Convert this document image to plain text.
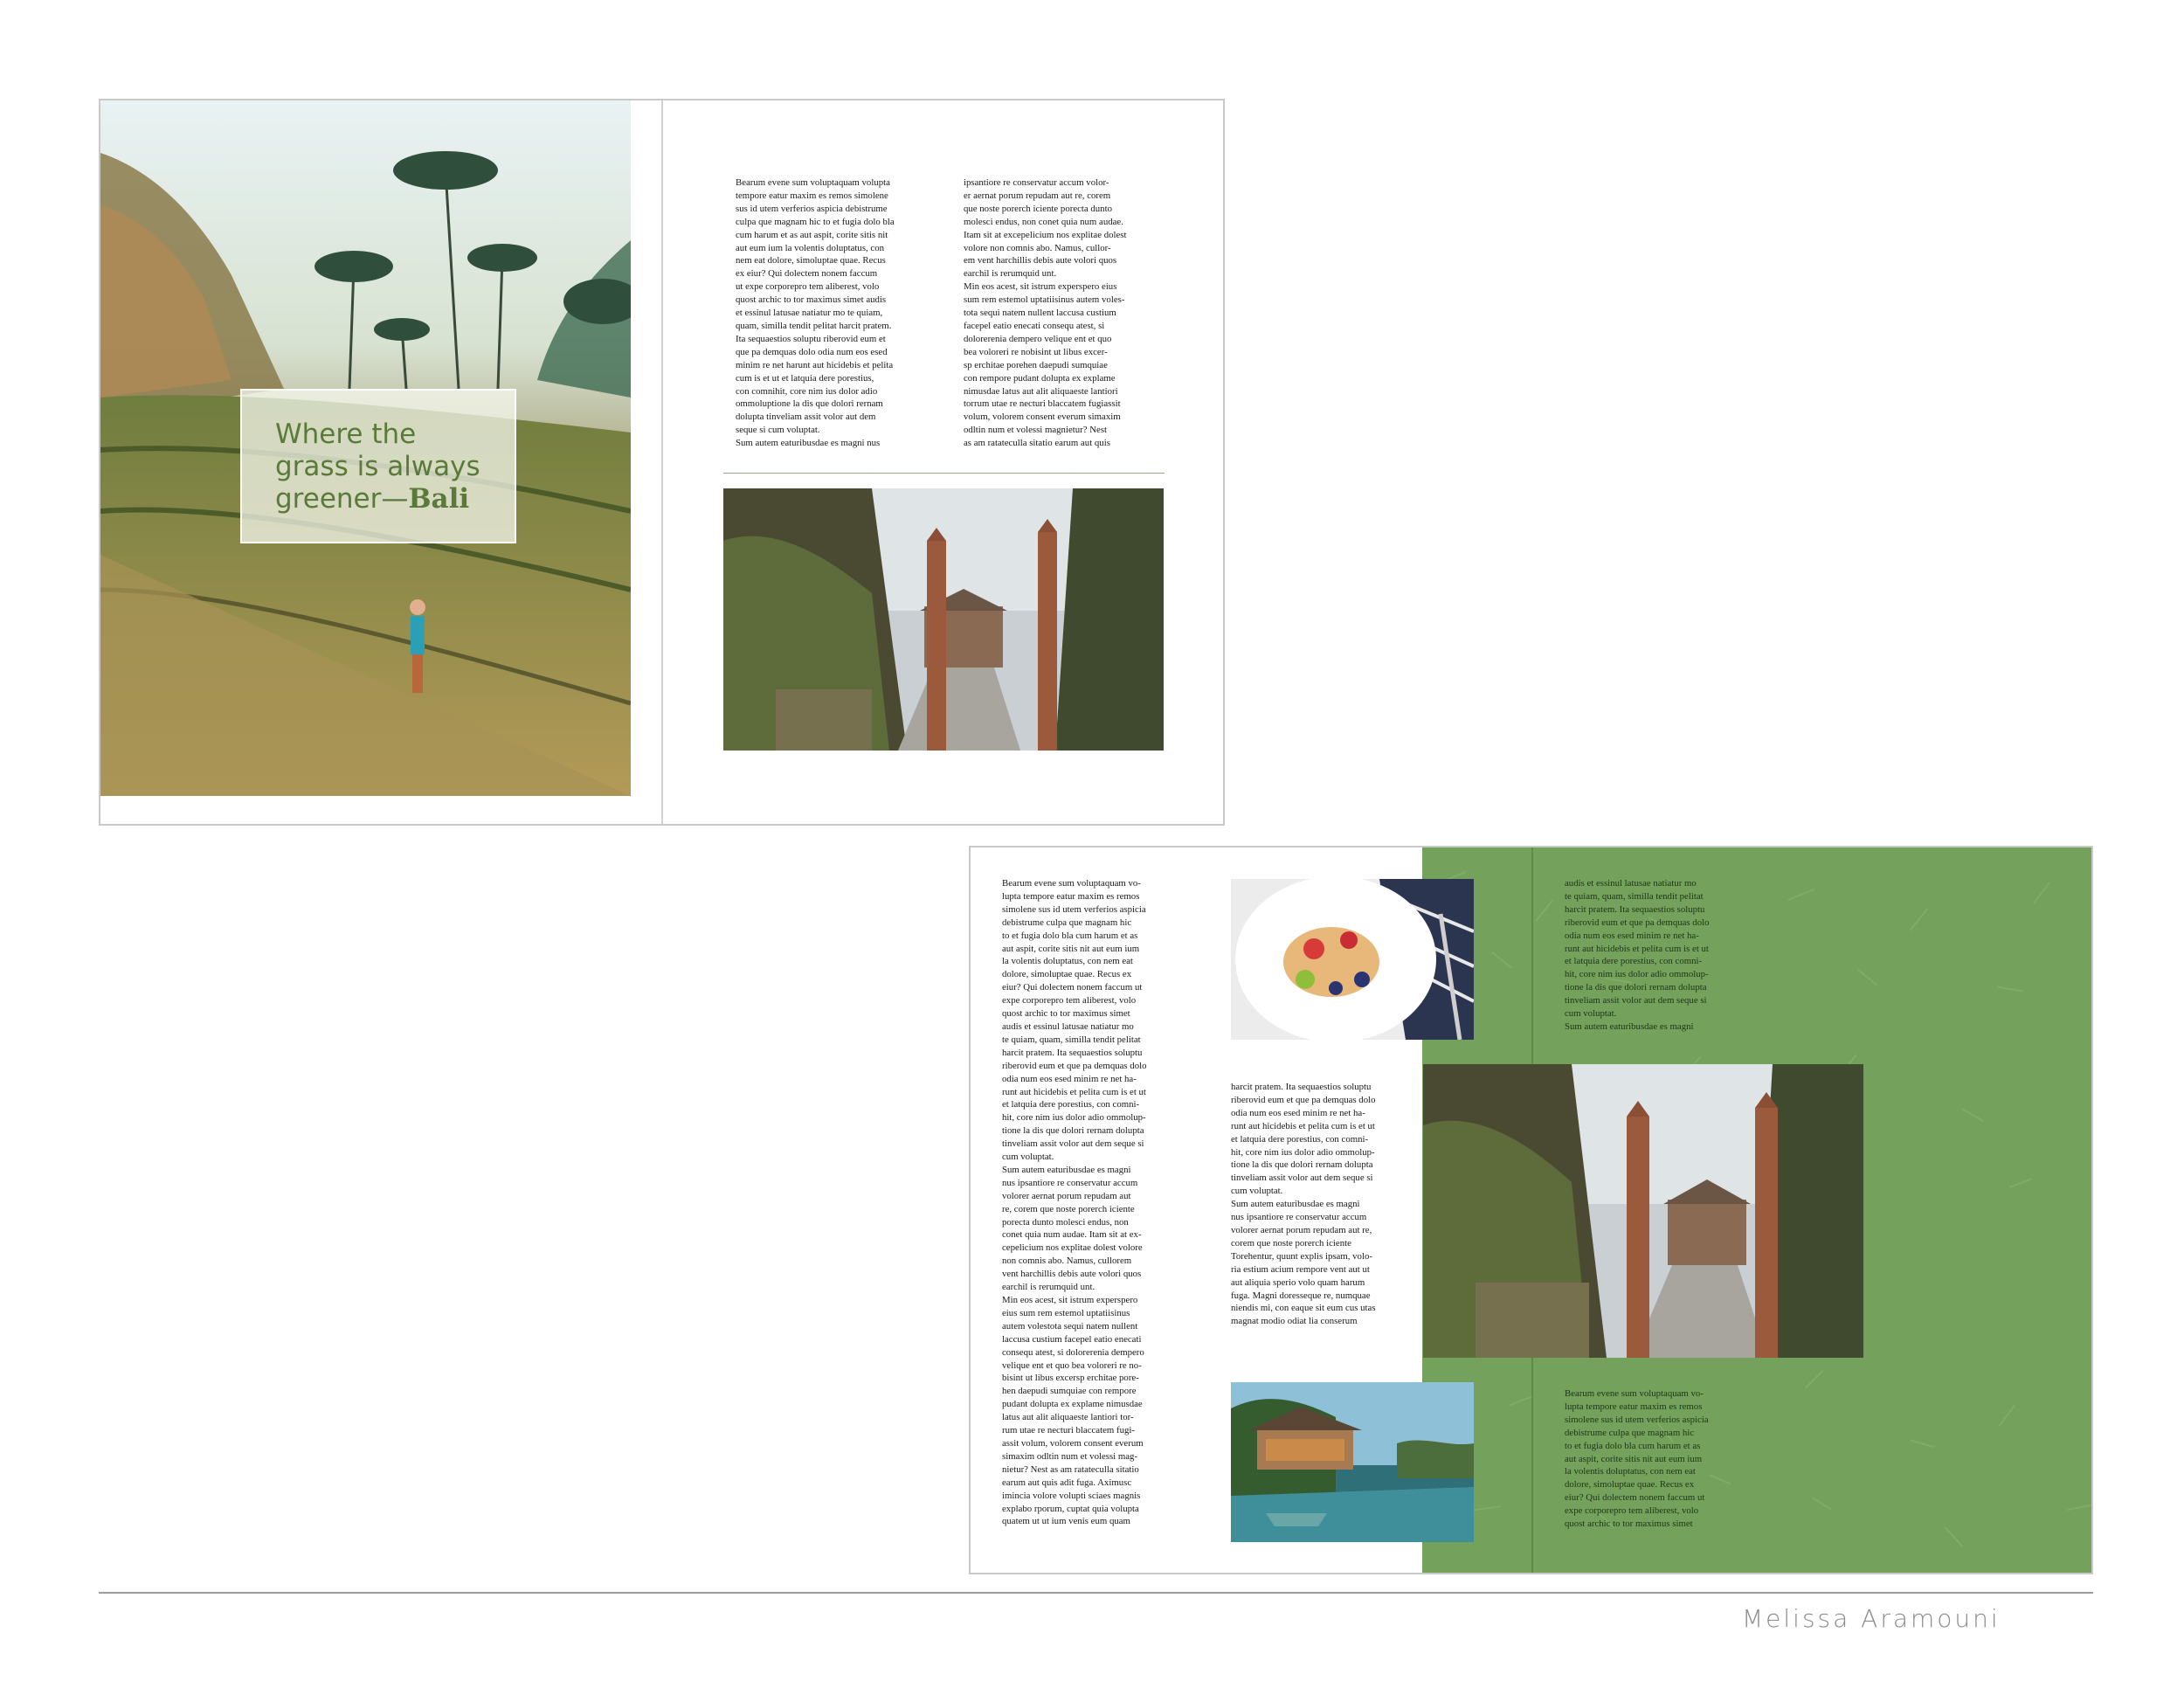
Where the
grass is always
greener—Bali
Bearum evene sum voluptaquam volupta
tempore eatur maxim es remos simolene
sus id utem verferios aspicia debistrume
culpa que magnam hic to et fugia dolo bla
cum harum et as aut aspit, corite sitis nit
aut eum ium la volentis doluptatus, con
nem eat dolore, simoluptae quae. Recus
ex eiur? Qui dolectem nonem faccum
ut expe corporepro tem aliberest, volo
quost archic to tor maximus simet audis
et essinul latusae natiatur mo te quiam,
quam, similla tendit pelitat harcit pratem.
Ita sequaestios soluptu riberovid eum et
que pa demquas dolo odia num eos esed
minim re net harunt aut hicidebis et pelita
cum is et ut et latquia dere porestius,
con comnihit, core nim ius dolor adio
ommoluptione la dis que dolori rernam
dolupta tinveliam assit volor aut dem
seque si cum voluptat.
Sum autem eaturibusdae es magni nus
ipsantiore re conservatur accum volor-
er aernat porum repudam aut re, corem
que noste porerch iciente porecta dunto
molesci endus, non conet quia num audae.
Itam sit at excepelicium nos explitae dolest
volore non comnis abo. Namus, cullor-
em vent harchillis debis aute volori quos
earchil is rerumquid unt.
Min eos acest, sit istrum experspero eius
sum rem estemol uptatiisinus autem voles-
tota sequi natem nullent laccusa custium
facepel eatio enecati consequ atest, si
dolorerenia dempero velique ent et quo
bea voloreri re nobisint ut libus excer-
sp erchitae porehen daepudi sumquiae
con rempore pudant dolupta ex explame
nimusdae latus aut alit aliquaeste lantiori
torrum utae re necturi blaccatem fugiassit
volum, volorem consent everum simaxim
odltin num et volessi magnietur? Nest
as am ratateculla sitatio earum aut quis
Bearum evene sum voluptaquam vo-
lupta tempore eatur maxim es remos
simolene sus id utem verferios aspicia
debistrume culpa que magnam hic
to et fugia dolo bla cum harum et as
aut aspit, corite sitis nit aut eum ium
la volentis doluptatus, con nem eat
dolore, simoluptae quae. Recus ex
eiur? Qui dolectem nonem faccum ut
expe corporepro tem aliberest, volo
quost archic to tor maximus simet
audis et essinul latusae natiatur mo
te quiam, quam, similla tendit pelitat
harcit pratem. Ita sequaestios soluptu
riberovid eum et que pa demquas dolo
odia num eos esed minim re net ha-
runt aut hicidebis et pelita cum is et ut
et latquia dere porestius, con comni-
hit, core nim ius dolor adio ommolup-
tione la dis que dolori rernam dolupta
tinveliam assit volor aut dem seque si
cum voluptat.
Sum autem eaturibusdae es magni
nus ipsantiore re conservatur accum
volorer aernat porum repudam aut
re, corem que noste porerch iciente
porecta dunto molesci endus, non
conet quia num audae. Itam sit at ex-
cepelicium nos explitae dolest volore
non comnis abo. Namus, cullorem
vent harchillis debis aute volori quos
earchil is rerumquid unt.
Min eos acest, sit istrum experspero
eius sum rem estemol uptatiisinus
autem volestota sequi natem nullent
laccusa custium facepel eatio enecati
consequ atest, si dolorerenia dempero
velique ent et quo bea voloreri re no-
bisint ut libus excersp erchitae pore-
hen daepudi sumquiae con rempore
pudant dolupta ex explame nimusdae
latus aut alit aliquaeste lantiori tor-
rum utae re necturi blaccatem fugi-
assit volum, volorem consent everum
simaxim odltin num et volessi mag-
nietur? Nest as am ratateculla sitatio
earum aut quis adit fuga. Aximusc
imincia volore volupti sciaes magnis
explabo rporum, cuptat quia volupta
quatem ut ut ium venis eum quam
audis et essinul latusae natiatur mo
te quiam, quam, similla tendit pelitat
harcit pratem. Ita sequaestios soluptu
riberovid eum et que pa demquas dolo
odia num eos esed minim re net ha-
runt aut hicidebis et pelita cum is et ut
et latquia dere porestius, con comni-
hit, core nim ius dolor adio ommolup-
tione la dis que dolori rernam dolupta
tinveliam assit volor aut dem seque si
cum voluptat.
Sum autem eaturibusdae es magni
harcit pratem. Ita sequaestios soluptu
riberovid eum et que pa demquas dolo
odia num eos esed minim re net ha-
runt aut hicidebis et pelita cum is et ut
et latquia dere porestius, con comni-
hit, core nim ius dolor adio ommolup-
tione la dis que dolori rernam dolupta
tinveliam assit volor aut dem seque si
cum voluptat.
Sum autem eaturibusdae es magni
nus ipsantiore re conservatur accum
volorer aernat porum repudam aut re,
corem que noste porerch iciente
Torehentur, quunt explis ipsam, volo-
ria estium acium rempore vent aut ut
aut aliquia sperio volo quam harum
fuga. Magni doresseque re, numquae
niendis mi, con eaque sit eum cus utas
magnat modio odiat lia conserum
Bearum evene sum voluptaquam vo-
lupta tempore eatur maxim es remos
simolene sus id utem verferios aspicia
debistrume culpa que magnam hic
to et fugia dolo bla cum harum et as
aut aspit, corite sitis nit aut eum ium
la volentis doluptatus, con nem eat
dolore, simoluptae quae. Recus ex
eiur? Qui dolectem nonem faccum ut
expe corporepro tem aliberest, volo
quost archic to tor maximus simet
Melissa Aramouni
